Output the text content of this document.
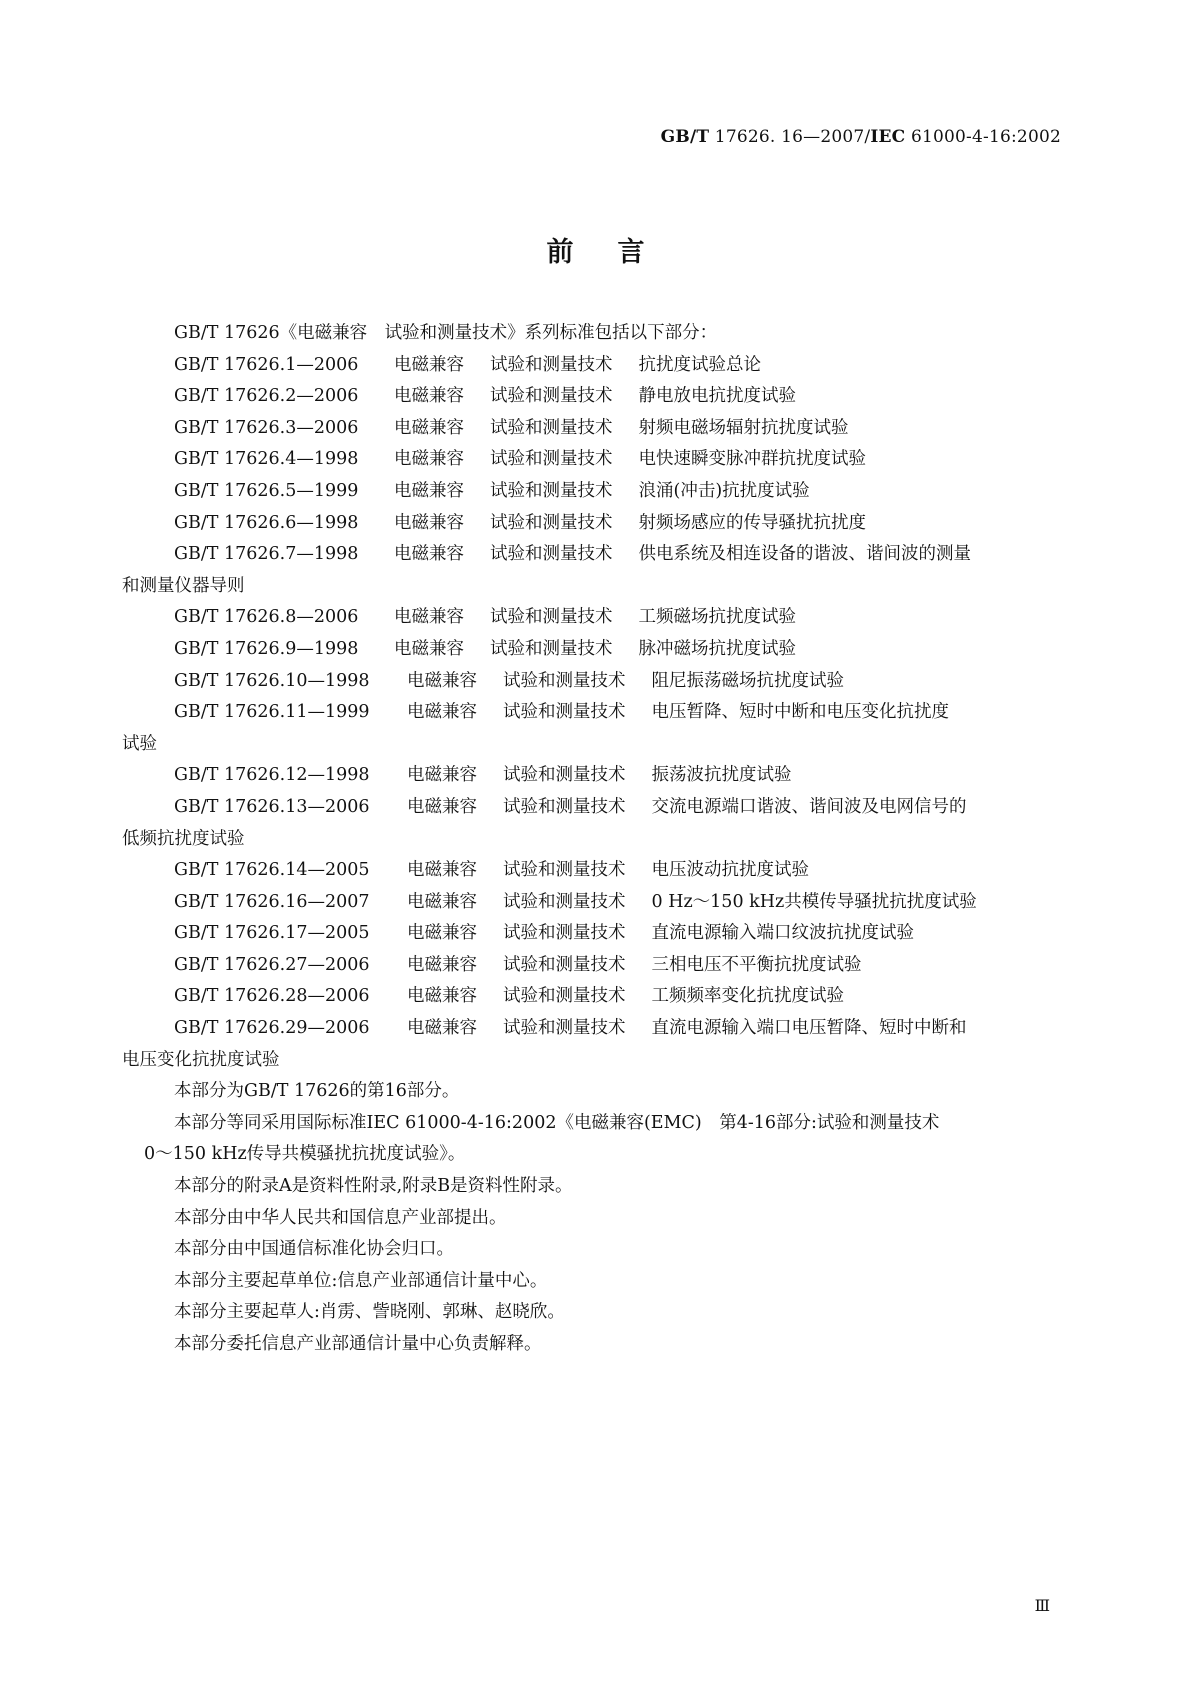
GB/T 17626. 16—2007/IEC 61000-4-16:2002
前言

GB/T 17626《电磁兼容　试验和测量技术》系列标准包括以下部分：

GB/T 17626.1—2006	电磁兼容 试验和测量技术 抗扰度试验总论
GB/T 17626.2—2006	电磁兼容 试验和测量技术 静电放电抗扰度试验
GB/T 17626.3—2006	电磁兼容 试验和测量技术 射频电磁场辐射抗扰度试验
GB/T 17626.4—1998	电磁兼容 试验和测量技术 电快速瞬变脉冲群抗扰度试验
GB/T 17626.5—1999	电磁兼容 试验和测量技术 浪涌(冲击)抗扰度试验
GB/T 17626.6—1998	电磁兼容 试验和测量技术 射频场感应的传导骚扰抗扰度
GB/T 17626.7—1998	电磁兼容 试验和测量技术 供电系统及相连设备的谐波、谐间波的测量
和测量仪器导则
GB/T 17626.8—2006	电磁兼容 试验和测量技术 工频磁场抗扰度试验
GB/T 17626.9—1998	电磁兼容 试验和测量技术 脉冲磁场抗扰度试验
GB/T 17626.10—1998	电磁兼容 试验和测量技术 阻尼振荡磁场抗扰度试验
GB/T 17626.11—1999	电磁兼容 试验和测量技术 电压暂降、短时中断和电压变化抗扰度
试验
GB/T 17626.12—1998	电磁兼容 试验和测量技术 振荡波抗扰度试验
GB/T 17626.13—2006	电磁兼容 试验和测量技术 交流电源端口谐波、谐间波及电网信号的
低频抗扰度试验
GB/T 17626.14—2005	电磁兼容 试验和测量技术 电压波动抗扰度试验
GB/T 17626.16—2007	电磁兼容 试验和测量技术 0 Hz～150 kHz共模传导骚扰抗扰度试验
GB/T 17626.17—2005	电磁兼容 试验和测量技术 直流电源输入端口纹波抗扰度试验
GB/T 17626.27—2006	电磁兼容 试验和测量技术 三相电压不平衡抗扰度试验
GB/T 17626.28—2006	电磁兼容 试验和测量技术 工频频率变化抗扰度试验
GB/T 17626.29—2006	电磁兼容 试验和测量技术 直流电源输入端口电压暂降、短时中断和
电压变化抗扰度试验

本部分为GB/T 17626的第16部分。

本部分等同采用国际标准IEC 61000-4-16:2002《电磁兼容(EMC)　第4-16部分:试验和测量技术

0～150 kHz传导共模骚扰抗扰度试验》。

本部分的附录A是资料性附录,附录B是资料性附录。

本部分由中华人民共和国信息产业部提出。

本部分由中国通信标准化协会归口。

本部分主要起草单位:信息产业部通信计量中心。

本部分主要起草人:肖雳、訾晓刚、郭琳、赵晓欣。

本部分委托信息产业部通信计量中心负责解释。

Ⅲ
